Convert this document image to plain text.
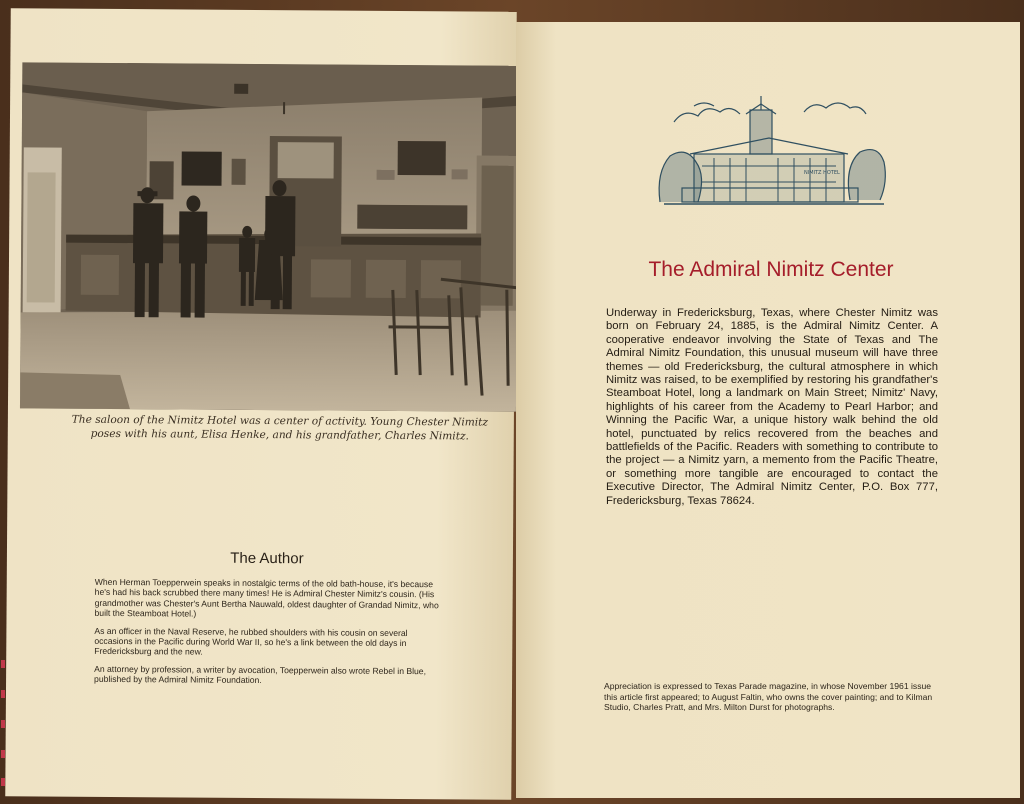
The saloon of the Nimitz Hotel was a center of activity. Young Chester Nimitz poses with his aunt, Elisa Henke, and his grandfather, Charles Nimitz.
The Author

When Herman Toepperwein speaks in nostalgic terms of the old bath-house, it's because he's had his back scrubbed there many times! He is Admiral Chester Nimitz's cousin. (His grandmother was Chester's Aunt Bertha Nauwald, oldest daughter of Grandad Nimitz, who built the Steamboat Hotel.)

As an officer in the Naval Reserve, he rubbed shoulders with his cousin on several occasions in the Pacific during World War II, so he's a link between the old days in Fredericksburg and the new.

An attorney by profession, a writer by avocation, Toepperwein also wrote Rebel in Blue, published by the Admiral Nimitz Foundation.

NIMITZ HOTEL
The Admiral Nimitz Center
Underway in Fredericksburg, Texas, where Chester Nimitz was born on February 24, 1885, is the Admiral Nimitz Center. A cooperative endeavor involving the State of Texas and The Admiral Nimitz Foundation, this unusual museum will have three themes — old Fredericksburg, the cultural atmosphere in which Nimitz was raised, to be exemplified by restoring his grandfather's Steamboat Hotel, long a landmark on Main Street; Nimitz' Navy, highlights of his career from the Academy to Pearl Harbor; and Winning the Pacific War, a unique history walk behind the old hotel, punctuated by relics recovered from the beaches and battlefields of the Pacific. Readers with something to contribute to the project — a Nimitz yarn, a memento from the Pacific Theatre, or something more tangible are encouraged to contact the Executive Director, The Admiral Nimitz Center, P.O. Box 777, Fredericksburg, Texas 78624.
Appreciation is expressed to Texas Parade magazine, in whose November 1961 issue this article first appeared; to August Faltin, who owns the cover painting; and to Kilman Studio, Charles Pratt, and Mrs. Milton Durst for photographs.
